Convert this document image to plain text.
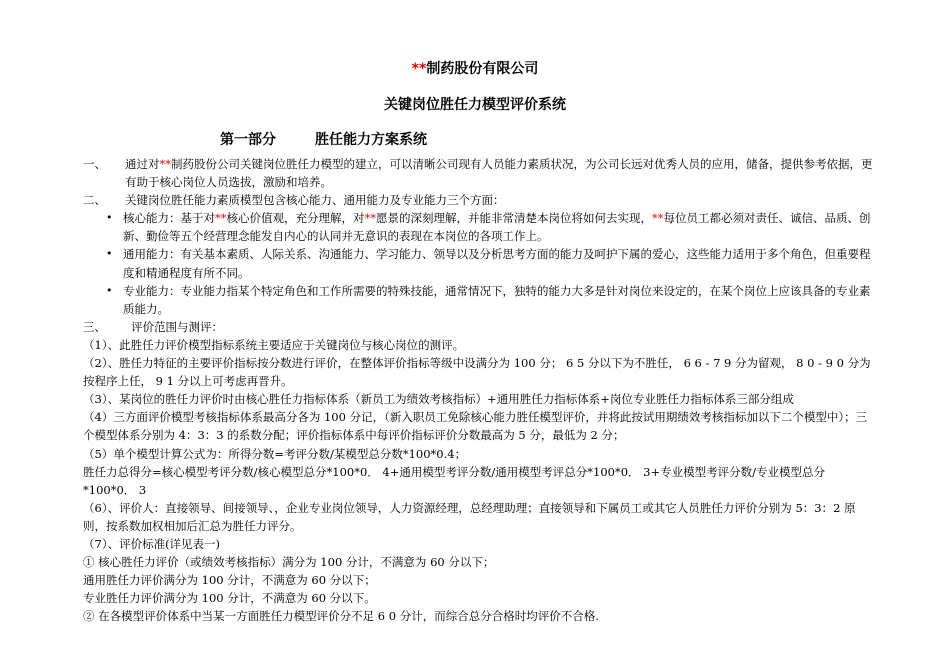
**制药股份有限公司
关键岗位胜任力模型评价系统
第一部分        胜任能力方案系统
一、 通过对**制药股份公司关键岗位胜任力模型的建立，可以清晰公司现有人员能力素质状况，为公司长远对优秀人员的应用，储备，提供参考依据，更有助于核心岗位人员选拔，激励和培养。
二、 关键岗位胜任能力素质模型包含核心能力、通用能力及专业能力三个方面：
• 核心能力：基于对**核心价值观，充分理解，对**愿景的深刻理解，并能非常清楚本岗位将如何去实现，**每位员工都必须对责任、诚信、品质、创新、勤俭等五个经营理念能发自内心的认同并无意识的表现在本岗位的各项工作上。
• 通用能力：有关基本素质、人际关系、沟通能力、学习能力、领导以及分析思考方面的能力及呵护下属的爱心，这些能力适用于多个角色，但重要程度和精通程度有所不同。
• 专业能力：专业能力指某个特定角色和工作所需要的特殊技能，通常情况下，独特的能力大多是针对岗位来设定的，在某个岗位上应该具备的专业素质能力。
三、 评价范围与测评：
（1）、此胜任力评价模型指标系统主要适应于关键岗位与核心岗位的测评。
（2）、胜任力特征的主要评价指标按分数进行评价，在整体评价指标等级中设满分为 100 分； 6 5 分以下为不胜任， 6 6 - 7 9 分为留观， 8 0 - 9 0 分为按程序上任， 9 1 分以上可考虑再晋升。
（3）、某岗位的胜任力评价时由核心胜任力指标体系（新员工为绩效考核指标）+通用胜任力指标体系+岗位专业胜任力指标体系三部分组成
（4）三方面评价模型考核指标体系最高分各为 100 分记，（新入职员工免除核心能力胜任模型评价，并将此按试用期绩效考核指标加以下二个模型中）；三个模型体系分别为 4：3：3 的系数分配；评价指标体系中每评价指标评价分数最高为 5 分，最低为 2 分；
（5）单个模型计算公式为：所得分数=考评分数/某模型总分数*100*0.4；
胜任力总得分=核心模型考评分数/核心模型总分*100*0． 4+通用模型考评分数/通用模型考评总分*100*0． 3+专业模型考评分数/专业模型总分*100*0． 3
（6）、评价人：直接领导、间接领导、，企业专业岗位领导，人力资源经理，总经理助理；直接领导和下属员工或其它人员胜任力评价分别为 5：3：2 原则，按系数加权相加后汇总为胜任力评分。
（7）、评价标准(详见表一)
① 核心胜任力评价（或绩效考核指标）满分为 100 分计，不满意为 60 分以下；
通用胜任力评价满分为 100 分计，不满意为 60 分以下；
专业胜任力评价满分为 100 分计，不满意为 60 分以下。
② 在各模型评价体系中当某一方面胜任力模型评价分不足 6 0 分计，而综合总分合格时均评价不合格.
